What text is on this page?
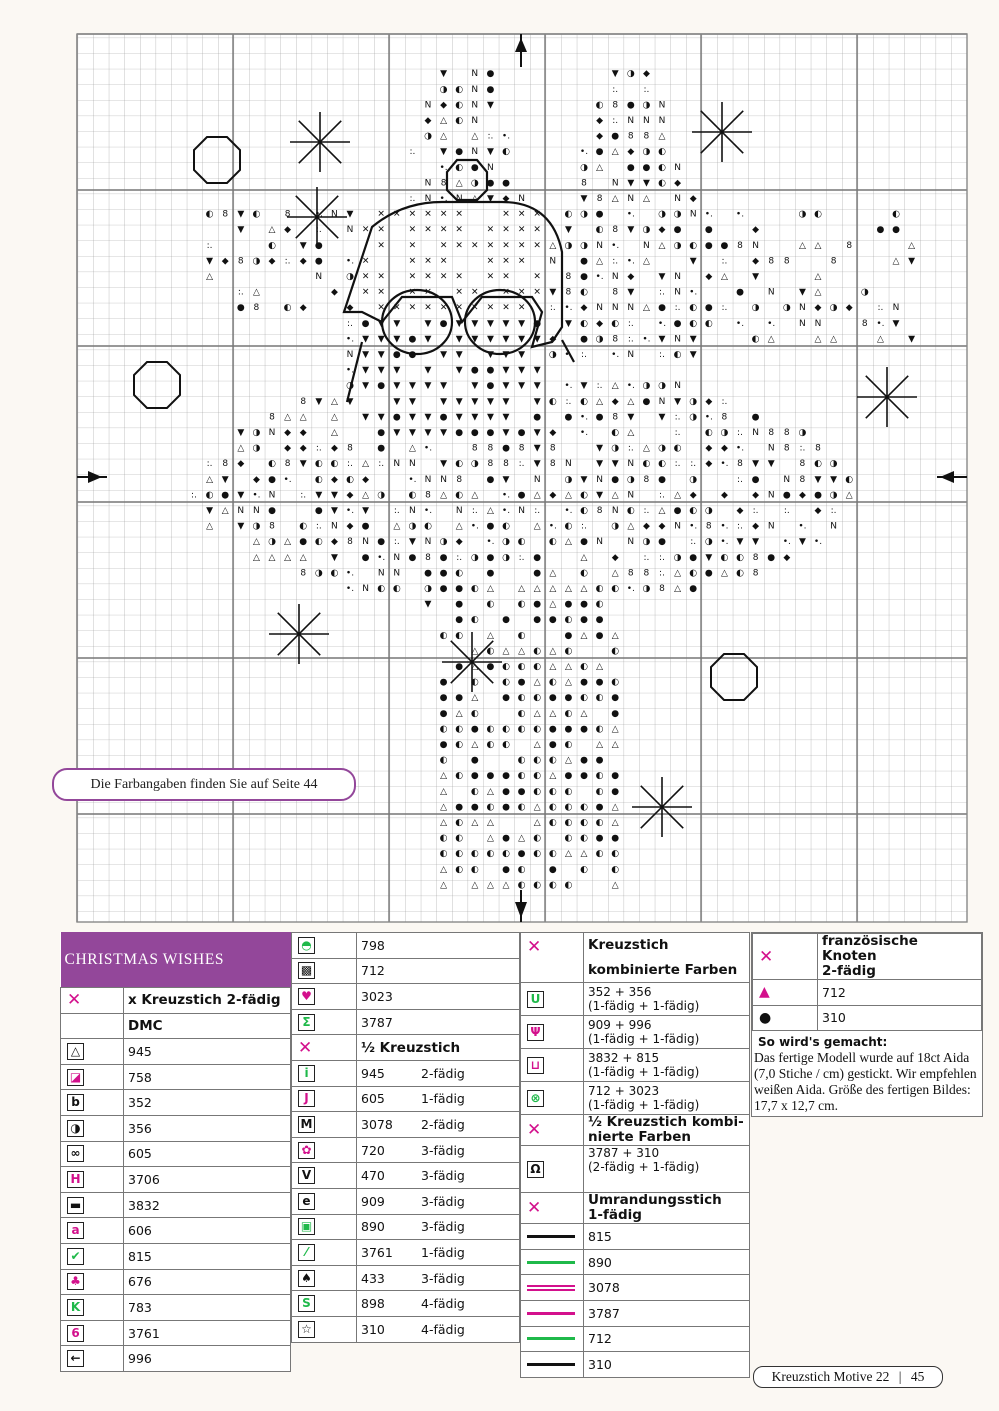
▼	N ●	▼ ◑ ◆
◑ ◐ N ●	:.	:.
N ◆ ◐ N ▼	◐ 8 ● ◑ N
◆ △ ◐ N	◆ :. N N N
◑ △	△ :. •.	◆ ● 8 8 △
:.	▼ ● N ▼ ◐	•. ● △ ◆ ◑ ◐
•. ◐ ● N	◑ △	● ● ◐ N
N 8 △ ◑ ● ●	8	N ▼ ▼ ◐ ◆
:. N •. N △ ▼ ◆ N	▼ 8 △ N △	N ◆
◐ 8 ▼ ◐	8	•. N ▼	✕ ✕ ✕ ✕ ✕ ✕	✕ ✕ ✕	◐ ◑ ●	•.	◑ ◑ N •.	•.	◑ ◐	◐
▼	△ ◆	:.	N ✕ ✕	✕ ✕ ✕ ✕	✕ ✕ ✕ ✕	▼	◐ 8 ▼ ◑ ◆ ●	●	◆	● ●
:.	◐	▼ ●	✕	✕	✕ ✕ ✕ ✕ ✕ ✕ ✕ △ ◑ ◑ N •.	N △ ◑ ◐ ● ● 8 N	△ △	8	△
▼ ◆ 8 ◑ ◆ :. ◆ ●	•. ✕	✕ ✕ ✕	✕ ✕ ✕	N	● △ :. •. △	▼	:.	◆ 8 8	8	△ ▼
△	N	◑ ✕ ✕	✕ ✕ ✕ ✕	✕ ✕	✕	8 ● •. N ◆	▼ N	◆ △	▼	△
:. △	◆	✕ ✕	✕ ✕	✕ ✕	✕ ✕ ✕ ▼ 8 ◐	8 ▼	:. N •.	●	N	▼ △	◑
● 8	◐ ◆	◆	✕ ✕ ✕ ✕ ✕ ✕ ✕ ✕ ✕ ✕	:. •. ◆ N N N △ ● :. ◐ ● :.	◑	◑ N ◆ ◑ ◆	:. N
:. ● ▼ ▼	▼ ● ▼ ▼ ▼ ▼ ▼ ●	▼ ◐ ◆ ◐ :.	•. ● ◐ ◐	•.	•.	N N	8 •. ▼
•. ▼ ▼ ▼ ● ▼	▼ ▼ ▼ ▼ ▼ ▼ ◆	● ◑ 8 :. •. ▼ N ▼	◐ △	△ △	△	▼
N ▼ ▼ ● ●	▼ ▼	▼ ▼ ▼	◑ •. :.	•. N	:. ◐ ▼
•. ▼ ▼ ▼	▼	▼ ● ● ▼ ▼ ▼
◑ ▼ ● ▼ ▼ ▼ ▼	▼ ● ▼ ▼ ▼	•. ▼ :. △ •. ◑ ◑ N
8 ▼ △ ▼	▼ ▼	▼ ▼ ▼ ▼ ▼	▼ ◐ :. ◐ △ ◆ △ ● N ▼ ◑ ◆ :.
8 △ △	△	▼ ▼ ● ▼ ▼ ● ▼ ▼ ▼ ▼	●	● •. ● 8 ▼	▼ :. ◑ •. 8	●
▼ ◑ N ◆ ◆	△	● ▼ ▼ ▼ ▼ ● ● ● ▼ ● ▼ ◆	•.	◐ △	:.	◐ ◑ :. N 8 8 ◑
△ ◑	◆ ◆ :. ◆ 8	●	△ •.	8 8 ● 8 ▼ 8	▼ ◑ :. △ ◑ ◐	◆ ◆ •.	N 8 :. 8
:. 8 ◆	◐ 8 ▼ ◐ ◐ :. △ :. N N	▼ ◐ ◑ 8 8 :. ▼ 8 N	▼ ▼ N ◐ ◐ :. :. ◆ •. 8 ▼ ▼	8 ◐ ◑
△ ▼	◆ ● •.	◐ ◆ ◐ ◆	•. N N 8	● ▼	N	◑ ▼ N ● ◑ 8 ●	◑	:. ●	N 8 ▼ ▼ ◐
:. ◐ ● ▼ •. N	:. ▼ ▼ ◆ △ ◑	◐ 8 △ ◐ △	•. ● △ ◆ △ ◐ ▼ △ N	:. △ ◆	◆	◆ N ● ◆ ● ◑ △
▼ △ N N ●	● ▼ •. ▼	:. N •.	N :. △ •. N :.	•. ◐ 8 N ◐ :. △ ● ◐ ◑	◆ :.	:.	◆ :.
△	▼ ◑ 8	◐ :. N ◆ ●	△ ◑ ◐	△ •. ● ◐	△ •. ◐ :.	◑ △ ◆ ◆ N •. 8 •. :. ◆ N	•.	N
△ ◑ △ ● ◐ ◆ 8 N ● :. ▼ N ◑ ◆	•. ◑ ◐	◐ △ ● N	N ◑ ●	:. ◑ •. ▼ ▼	•. ▼ •.
△ △ △ △	▼	● •. N ● 8 ● :. ◑ ● ◑ :. ●	△	◆	:. :. ◑ ● ▼ ◐ ◐ 8 ● ◆
8 ◑ ◐ •.	N N	● ● ◐	●	● △	◐	△ 8 8 :. △ ◐ ● △ ◐ 8
•. N ◐ ◐	◑ ● ● ◐ △	△ △ △ △ △ ◐ ◐ •. ◑ 8 △ ●
▼	●	◐	◐ ● △ ● ● ◐
● ◐	●	● ● ◐ ● ●
◐ ◐	△	◐	● △ ● △
△ ◐ △ △ ◐ △ ◐	◐
● △ ● ◐ ◐ ◐ △ △ ◐ △
●	◐	◐ ● △ ◐ △ ● ● ◐
● ● △	● ◐ ◐ ● ● ◐ ◐ ●
● △ ◐	◐ △ △ ◐ △	●
◐ ◐ ● ◐ ◐ ◐ ◐ ● ● ● ◐ △
● ◐ △ ◐ ◐	△ ● ◐	△ △
◐	●	◐ ◐ ◐ △ ● ●
△ ◐ ● ● ● ◐ ◐ △ ● ● ◐ ●
△	◐ △ ● ● ◐ ◐ ◐	◐ ●
△ ● ● ◐ ● ◐ △ ◐ ◐ ◐ ● △
△ ◐ △ △	△ ◐ ◐ ◐ ◐ △
◐ ◐	△ ● △ ◐	◐ ◐ ● ●
◐ ◐ ◐ ◐ ◐ ● ◐ ◐ △ △ ◐ ◐
△ ◐ ◐	● ◐	●	◐	◐
△	△ △ △ ◐ ◐ ◐ ◐	△
Die Farbangaben finden Sie auf Seite 44
CHRISTMAS WISHES	
✕	x Kreuzstich 2-fädig
	DMC
△	945
◪	758
b	352
◑	356
∞	605
H	3706
▬	3832
a	606
✔	815
♣	676
K	783
6	3761
←	996
◓	798	
▩	712	
♥	3023	
Σ	3787	
✕	½ Kreuzstich	
i	945	2-fädig
J	605	1-fädig
M	3078	2-fädig
✿	720	3-fädig
V	470	3-fädig
e	909	3-fädig
▣	890	3-fädig
⁄	3761	1-fädig
♠	433	3-fädig
S	898	4-fädig
☆	310	4-fädig
✕	Kreuzstich
	kombinierte Farben
U	352 + 356
(1-fädig + 1-fädig)

Ψ	909 + 996
(1-fädig + 1-fädig)

⊔	3832 + 815
(1-fädig + 1-fädig)

⊗	712 + 3023
(1-fädig + 1-fädig)

✕	½ Kreuzstich kombi-
nierte Farben
Ω	3787 + 310
(2-fädig + 1-fädig)
✕	Umrandungsstich
1-fädig

	815

	890

	3078

	3787

	712

	310
✕	französische Knoten
2-fädig
▲	712
●	310
So wird's gemacht:
Das fertige Modell wurde auf 18ct Aida (7,0 Stiche / cm) gestickt. Wir empfehlen weißen Aida. Größe des fertigen Bildes: 17,7 x 12,7 cm.
Kreuzstich Motive 22 | 45
